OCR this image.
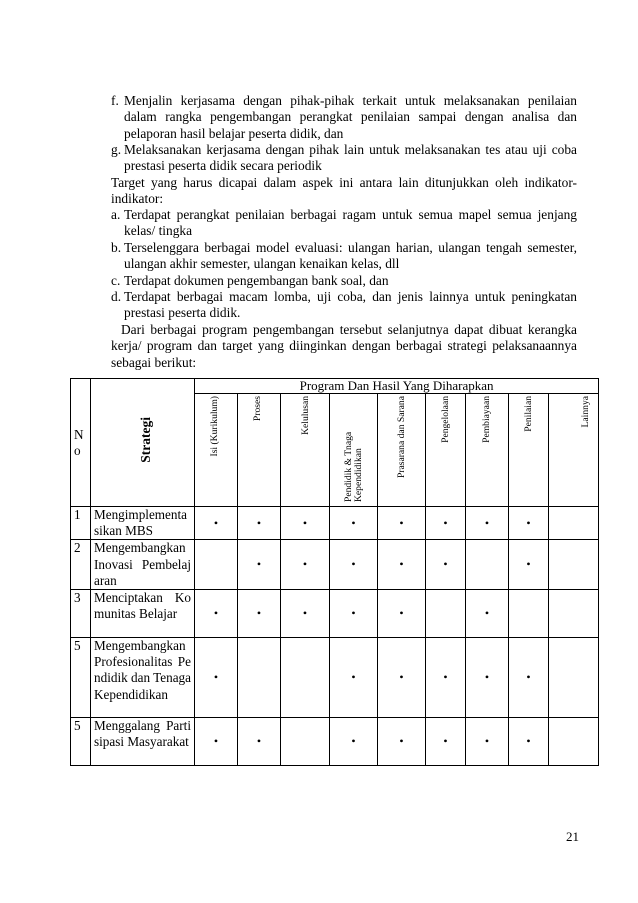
f. Menjalin kerjasama dengan pihak-pihak terkait untuk melaksanakan penilaian dalam rangka pengembangan perangkat penilaian sampai dengan analisa dan pelaporan hasil belajar peserta didik, dan
g. Melaksanakan kerjasama dengan pihak lain untuk melaksanakan tes atau uji coba prestasi peserta didik secara periodik
Target yang harus dicapai dalam aspek ini antara lain ditunjukkan oleh indikator-indikator:
a. Terdapat perangkat penilaian berbagai ragam untuk semua mapel semua jenjang kelas/ tingka
b. Terselenggara berbagai model evaluasi: ulangan harian, ulangan tengah semester, ulangan akhir semester, ulangan kenaikan kelas, dll
c. Terdapat dokumen pengembangan bank soal, dan
d. Terdapat berbagai macam lomba, uji coba, dan jenis lainnya untuk peningkatan prestasi peserta didik.
Dari berbagai program pengembangan tersebut selanjutnya dapat dibuat kerangka kerja/ program dan target yang diinginkan dengan berbagai strategi pelaksanaannya sebagai berikut:
N o	Strategi	Program Dan Hasil Yang Diharapkan								

		Isi (Kurikulum)	Proses	Kelulusan	Pendidik & Tnaga Kependidikan	Prasarana dan Sarana	Pengelolaan	Pembiayaan	Penilaian	Lainnya

1	Mengimplementasikan MBS	•	•	•	•	•	•	•	•	
2	Mengembangkan Inovasi Pembelajaran		•	•	•	•	•		•	
3	Menciptakan Komunitas Belajar	•	•	•	•	•		•		
5	Mengembangkan Profesionalitas Pendidik dan Tenaga Kependidikan	•			•	•	•	•	•	
5	Menggalang Partisipasi Masyarakat	•	•		•	•	•	•	•	
21
